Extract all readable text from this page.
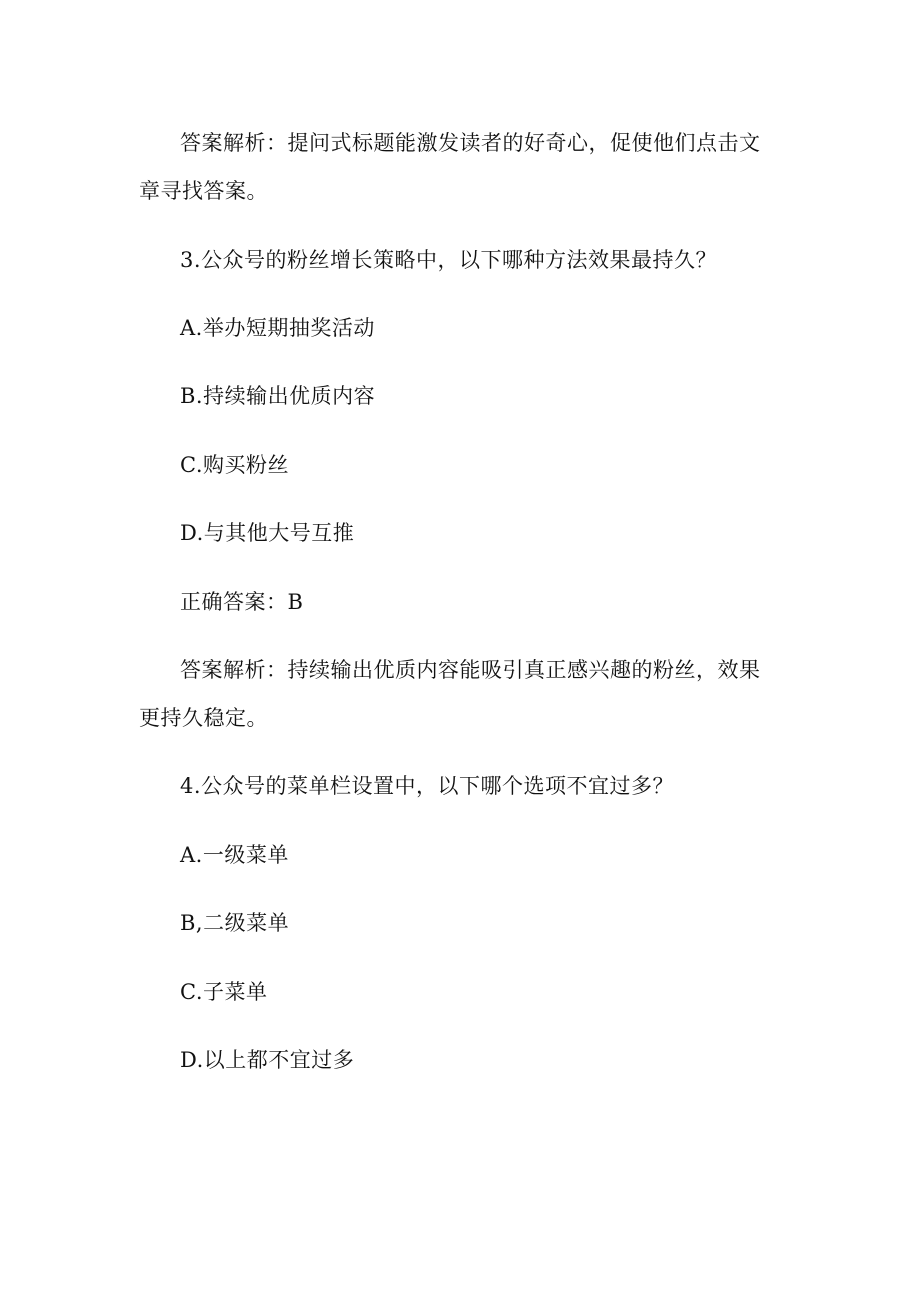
答案解析：提问式标题能激发读者的好奇心，促使他们点击文
章寻找答案。
3.公众号的粉丝增长策略中，以下哪种方法效果最持久？
A.举办短期抽奖活动
B.持续输出优质内容
C.购买粉丝
D.与其他大号互推
正确答案：B
答案解析：持续输出优质内容能吸引真正感兴趣的粉丝，效果
更持久稳定。
4.公众号的菜单栏设置中，以下哪个选项不宜过多？
A.一级菜单
B,二级菜单
C.子菜单
D.以上都不宜过多
